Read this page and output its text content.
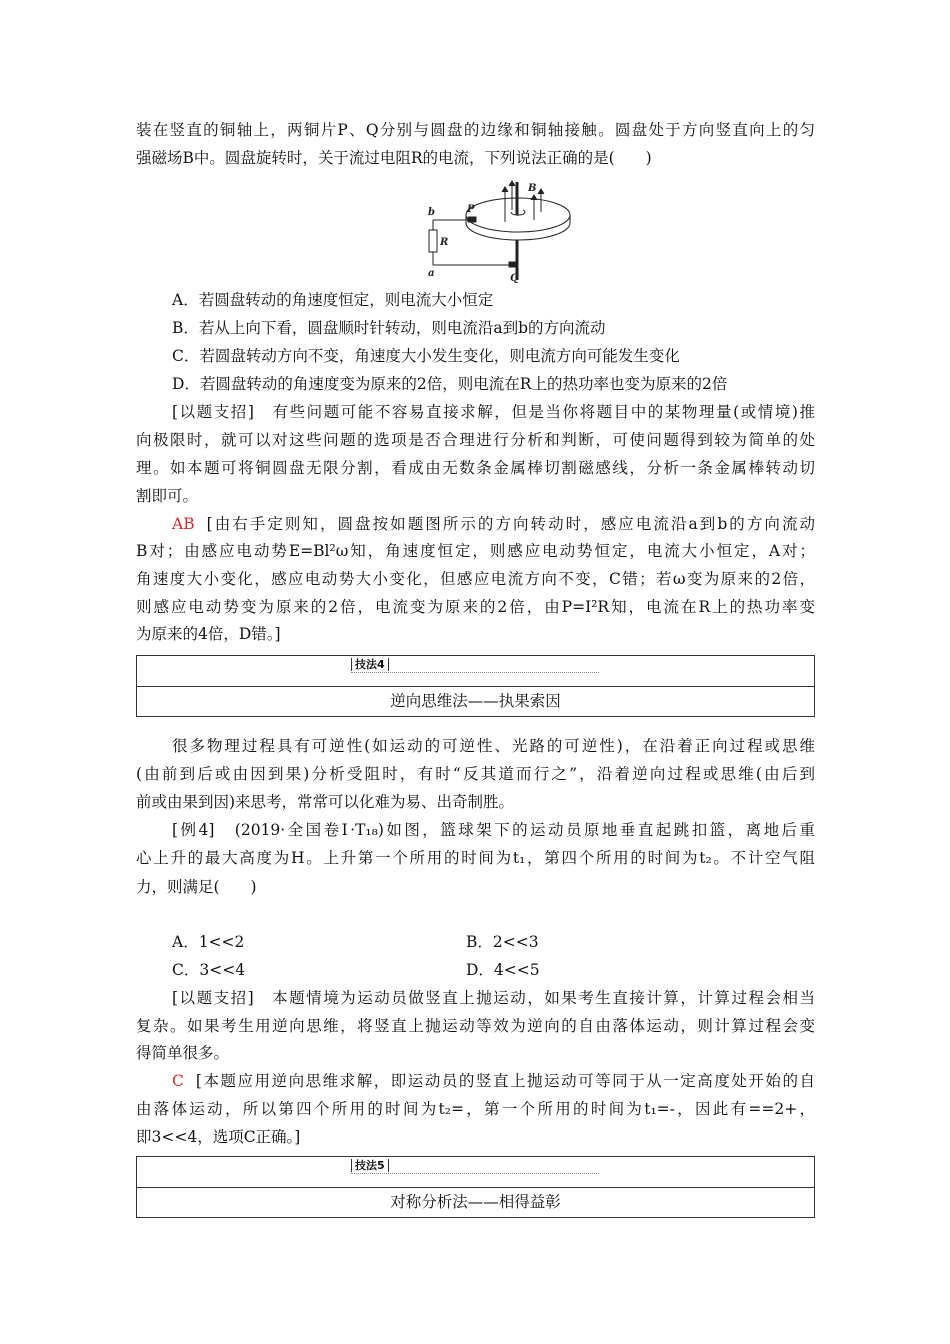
装在竖直的铜轴上，两铜片P、Q分别与圆盘的边缘和铜轴接触。圆盘处于方向竖直向上的匀
强磁场B中。圆盘旋转时，关于流过电阻R的电流，下列说法正确的是(　　)
B
P
b
R
a	Q
A．若圆盘转动的角速度恒定，则电流大小恒定
B．若从上向下看，圆盘顺时针转动，则电流沿a到b的方向流动
C．若圆盘转动方向不变，角速度大小发生变化，则电流方向可能发生变化
D．若圆盘转动的角速度变为原来的2倍，则电流在R上的热功率也变为原来的2倍
[以题支招]　有些问题可能不容易直接求解，但是当你将题目中的某物理量(或情境)推
向极限时，就可以对这些问题的选项是否合理进行分析和判断，可使问题得到较为简单的处
理。如本题可将铜圆盘无限分割，看成由无数条金属棒切割磁感线，分析一条金属棒转动切
割即可。
AB [由右手定则知，圆盘按如题图所示的方向转动时，感应电流沿a到b的方向流动
B对；由感应电动势E=Bl²ω知，角速度恒定，则感应电动势恒定，电流大小恒定，A对；
角速度大小变化，感应电动势大小变化，但感应电流方向不变，C错；若ω变为原来的2倍，
则感应电动势变为原来的2倍，电流变为原来的2倍，由P=I²R知，电流在R上的热功率变
为原来的4倍，D错。]
技法4
逆向思维法——执果索因
很多物理过程具有可逆性(如运动的可逆性、光路的可逆性)，在沿着正向过程或思维
(由前到后或由因到果)分析受阻时，有时“反其道而行之”，沿着逆向过程或思维(由后到
前或由果到因)来思考，常常可以化难为易、出奇制胜。
[例4]　(2019·全国卷Ⅰ·T₁₈)如图，篮球架下的运动员原地垂直起跳扣篮，离地后重
心上升的最大高度为H。上升第一个所用的时间为t₁，第四个所用的时间为t₂。不计空气阻
力，则满足(　　)
A．1<<2	B．2<<3
C．3<<4	D．4<<5
[以题支招]　本题情境为运动员做竖直上抛运动，如果考生直接计算，计算过程会相当
复杂。如果考生用逆向思维，将竖直上抛运动等效为逆向的自由落体运动，则计算过程会变
得简单很多。
C [本题应用逆向思维求解，即运动员的竖直上抛运动可等同于从一定高度处开始的自
由落体运动，所以第四个所用的时间为t₂=，第一个所用的时间为t₁=-，因此有==2+，
即3<<4，选项C正确。]
技法5
对称分析法——相得益彰
